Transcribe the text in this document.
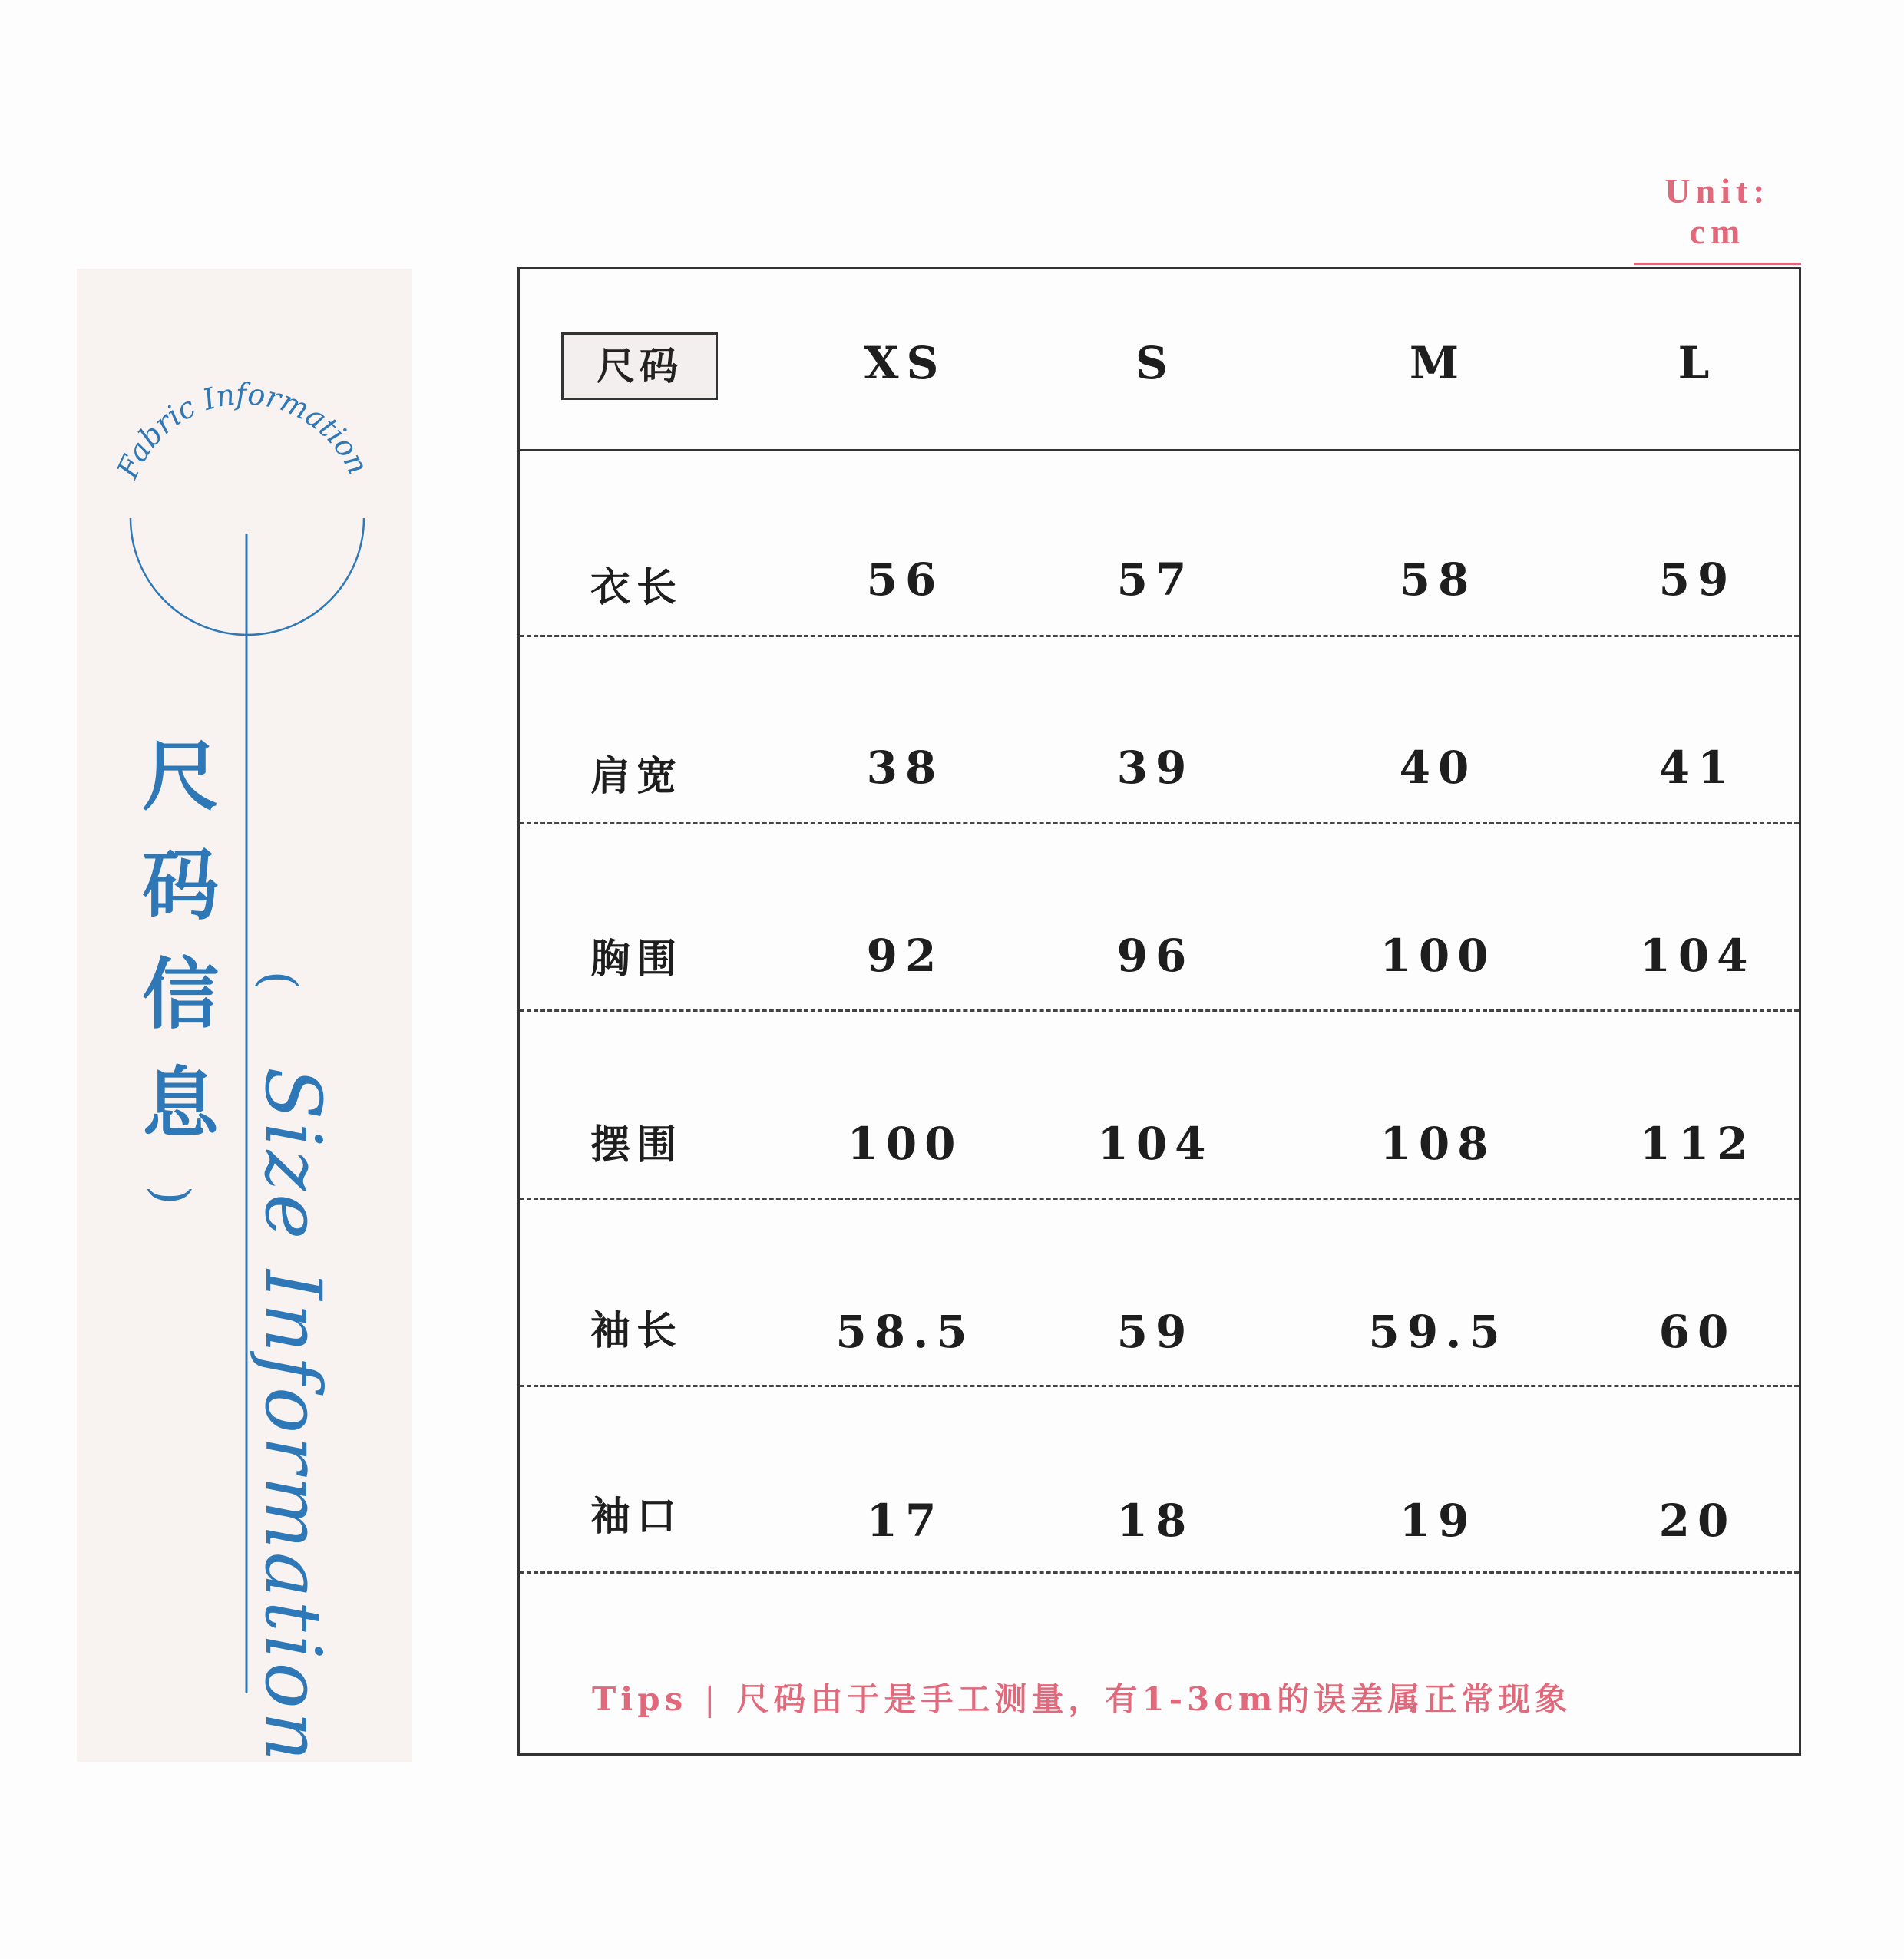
Unit: cm
Fabric Information
尺
码
信
息
(
) Size Information
尺码	XS	S	M	L
衣长	56	57	58	59
肩宽	38	39	40	41
胸围	92	96	100	104
摆围	100	104	108	112
袖长	58.5	59	59.5	60
袖口	17	18	19	20
Tips | 尺码由于是手工测量，有1-3cm的误差属正常现象
